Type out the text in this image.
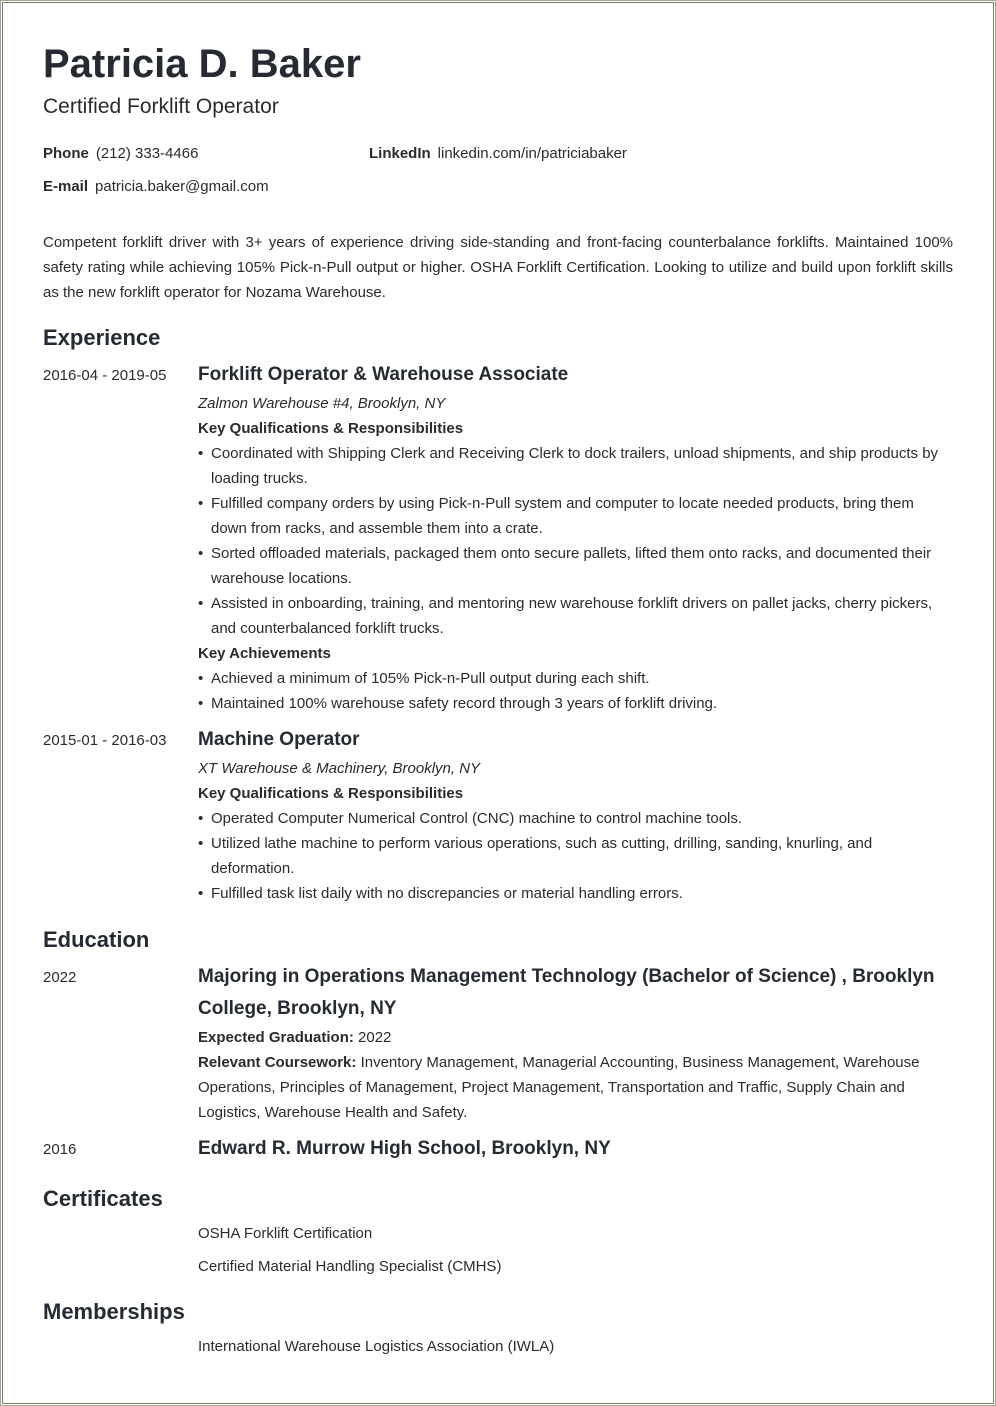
Patricia D. Baker
Certified Forklift Operator
Phone (212) 333-4466	LinkedIn linkedin.com/in/patriciabaker
E-mail patricia.baker@gmail.com
Competent forklift driver with 3+ years of experience driving side-standing and front-facing counterbalance forklifts. Maintained 100% safety rating while achieving 105% Pick-n-Pull output or higher. OSHA Forklift Certification. Looking to utilize and build upon forklift skills as the new forklift operator for Nozama Warehouse.
Experience
2016-04 - 2019-05 Forklift Operator & Warehouse Associate
Zalmon Warehouse #4, Brooklyn, NY
Key Qualifications & Responsibilities
• Coordinated with Shipping Clerk and Receiving Clerk to dock trailers, unload shipments, and ship products by loading trucks.
• Fulfilled company orders by using Pick-n-Pull system and computer to locate needed products, bring them down from racks, and assemble them into a crate.
• Sorted offloaded materials, packaged them onto secure pallets, lifted them onto racks, and documented their warehouse locations.
• Assisted in onboarding, training, and mentoring new warehouse forklift drivers on pallet jacks, cherry pickers, and counterbalanced forklift trucks.
Key Achievements
• Achieved a minimum of 105% Pick-n-Pull output during each shift.
• Maintained 100% warehouse safety record through 3 years of forklift driving.
2015-01 - 2016-03 Machine Operator
XT Warehouse & Machinery, Brooklyn, NY
Key Qualifications & Responsibilities
• Operated Computer Numerical Control (CNC) machine to control machine tools.
• Utilized lathe machine to perform various operations, such as cutting, drilling, sanding, knurling, and deformation.
• Fulfilled task list daily with no discrepancies or material handling errors.
Education
2022	Majoring in Operations Management Technology (Bachelor of Science) , Brooklyn College, Brooklyn, NY
Expected Graduation: 2022
Relevant Coursework: Inventory Management, Managerial Accounting, Business Management, Warehouse Operations, Principles of Management, Project Management, Transportation and Traffic, Supply Chain and Logistics, Warehouse Health and Safety.
2016	Edward R. Murrow High School, Brooklyn, NY
Certificates
OSHA Forklift Certification
Certified Material Handling Specialist (CMHS)
Memberships
International Warehouse Logistics Association (IWLA)
